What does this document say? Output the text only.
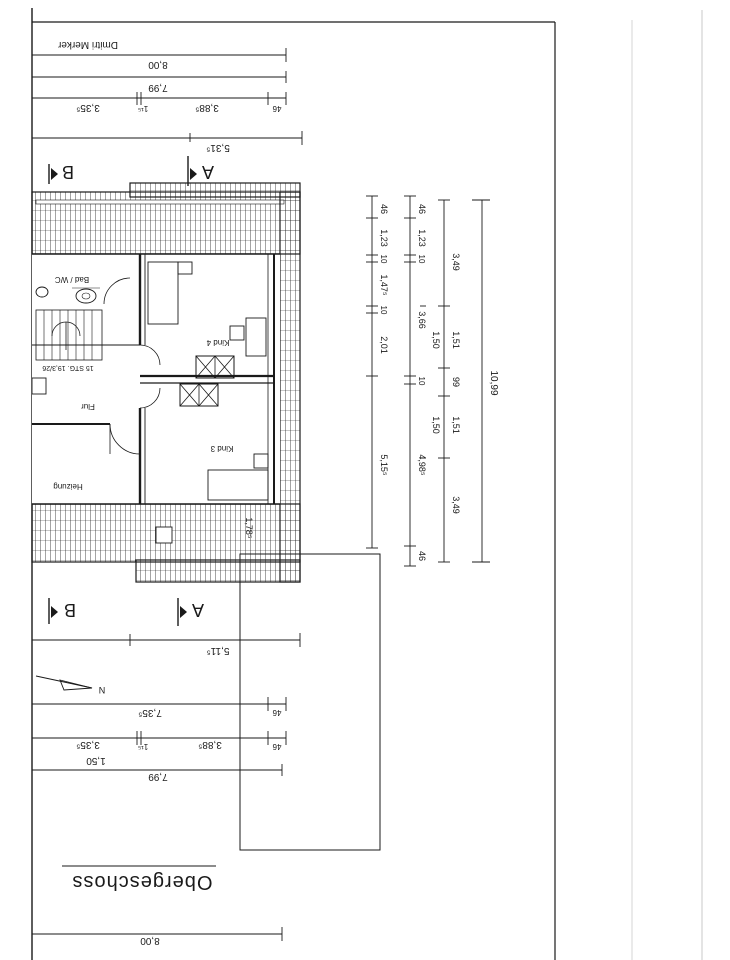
Dmitri Merker
8,00
7,99
3,35⁵	1¹⁵	3,88⁵	46
5,31⁵
B	A
1,78⁵
Bad / WC
Kind 4
Kind 3
Flur
Heizung
15 STG. 19,3/26
46
1,23
10
1,47⁵
10
2,01
5,15⁵
46
1,23
10
3,66
10
4,98⁵
46
3,49
1,51
1,50
99
1,50 1,51
3,49
10,99
B	A
5,11⁵
N
7,35⁵	46
3,35⁵	1¹⁵	3,88⁵	46
1,50
7,99
Obergeschoss
8,00
